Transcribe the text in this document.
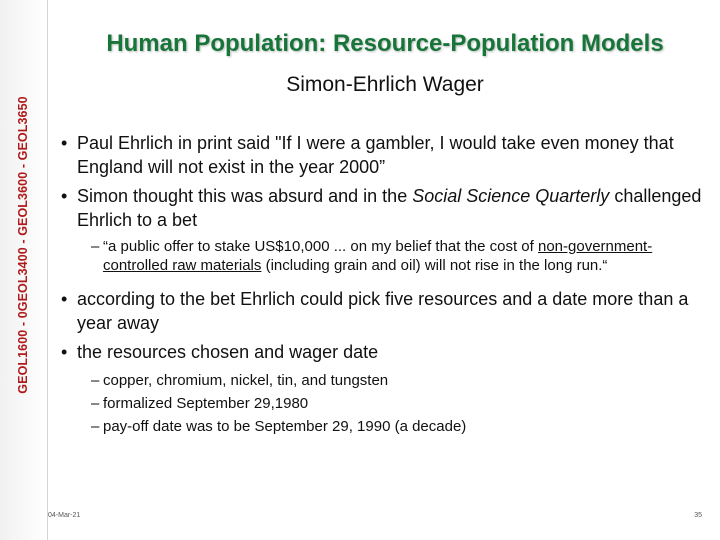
GEOL1600 - 0GEOL3400 - GEOL3600 - GEOL3650
Human Population: Resource-Population Models
Simon-Ehrlich Wager
• Paul Ehrlich in print said "If I were a gambler, I would take even money that England will not exist in the year 2000”
• Simon thought this was absurd and in the Social Science Quarterly challenged Ehrlich to a bet
– “a public offer to stake US$10,000 ... on my belief that the cost of non-government-controlled raw materials (including grain and oil) will not rise in the long run.“
• according to the bet Ehrlich could pick five resources and a date more than a year away
• the resources chosen and wager date
– copper, chromium, nickel, tin, and tungsten
– formalized September 29,1980
– pay-off date was to be September 29, 1990 (a decade)
04-Mar-21	35
